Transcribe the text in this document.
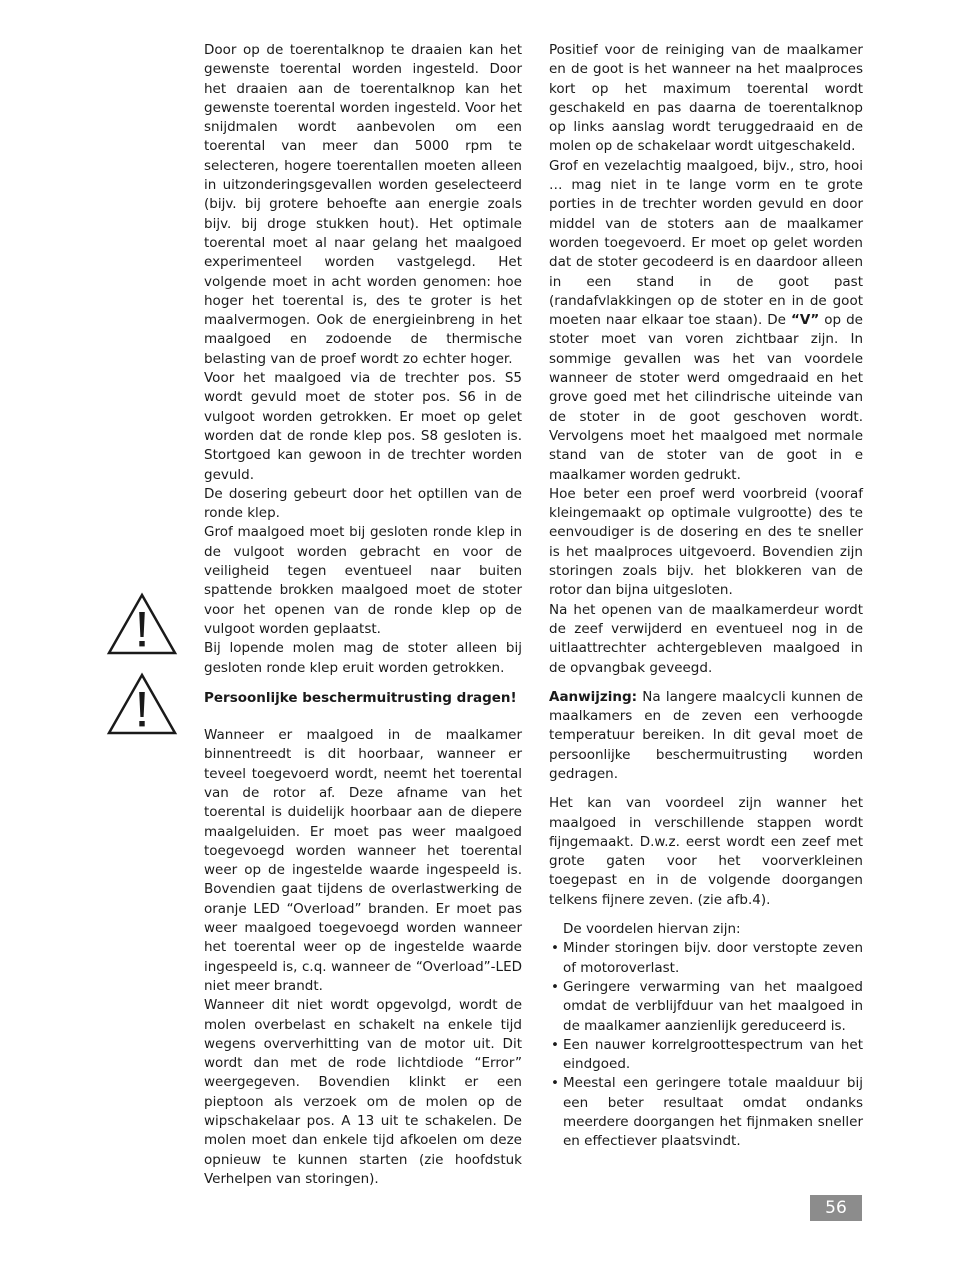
Door op de toerentalknop te draaien kan het gewenste toerental worden ingesteld. Door het draaien aan de toerentalknop kan het gewenste toerental worden ingesteld. Voor het snijdmalen wordt aanbevolen om een toerental van meer dan 5000 rpm te selecteren, hogere toerentallen moeten alleen in uitzonderingsgevallen worden geselecteerd (bijv. bij grotere behoefte aan energie zoals bijv. bij droge stukken hout). Het optimale toerental moet al naar gelang het maalgoed experimenteel worden vastgelegd. Het volgende moet in acht worden genomen: hoe hoger het toerental is, des te groter is het maalvermogen. Ook de energieinbreng in het maalgoed en zodoende de thermische belasting van de proef wordt zo echter hoger.

Voor het maalgoed via de trechter pos. S5 wordt gevuld moet de stoter pos. S6 in de vulgoot worden getrokken. Er moet op gelet worden dat de ronde klep pos. S8 gesloten is. Stortgoed kan gewoon in de trechter worden gevuld.

De dosering gebeurt door het optillen van de ronde klep.

Grof maalgoed moet bij gesloten ronde klep in de vulgoot worden gebracht en voor de veiligheid tegen eventueel naar buiten spattende brokken maalgoed moet de stoter voor het openen van de ronde klep op de vulgoot worden geplaatst.

Bij lopende molen mag de stoter alleen bij gesloten ronde klep eruit worden getrokken.

Persoonlijke beschermuitrusting dragen!

Wanneer er maalgoed in de maalkamer binnentreedt is dit hoorbaar, wanneer er teveel toegevoerd wordt, neemt het toerental van de rotor af. Deze afname van het toerental is duidelijk hoorbaar aan de diepere maalgeluiden. Er moet pas weer maalgoed toegevoegd worden wanneer het toerental weer op de ingestelde waarde ingespeeld is. Bovendien gaat tijdens de overlastwerking de oranje LED “Overload” branden. Er moet pas weer maalgoed toegevoegd worden wanneer het toerental weer op de ingestelde waarde ingespeeld is, c.q. wanneer de “Overload”-LED niet meer brandt.

Wanneer dit niet wordt opgevolgd, wordt de molen overbelast en schakelt na enkele tijd wegens oververhitting van de motor uit. Dit wordt dan met de rode lichtdiode “Error” weergegeven. Bovendien klinkt er een pieptoon als verzoek om de molen op de wipschakelaar pos. A 13 uit te schakelen. De molen moet dan enkele tijd afkoelen om deze opnieuw te kunnen starten (zie hoofdstuk Verhelpen van storingen).

Positief voor de reiniging van de maalkamer en de goot is het wanneer na het maalproces kort op het maximum toerental wordt geschakeld en pas daarna de toerentalknop op links aanslag wordt teruggedraaid en de molen op de schakelaar wordt uitgeschakeld.

Grof en vezelachtig maalgoed, bijv., stro, hooi … mag niet in te lange vorm en te grote porties in de trechter worden gevuld en door middel van de stoters aan de maalkamer worden toegevoerd. Er moet op gelet worden dat de stoter gecodeerd is en daardoor alleen in een stand in de goot past (randafvlakkingen op de stoter en in de goot moeten naar elkaar toe staan). De “V” op de stoter moet van voren zichtbaar zijn. In sommige gevallen was het van voordele wanneer de stoter werd omgedraaid en het grove goed met het cilindrische uiteinde van de stoter in de goot geschoven wordt. Vervolgens moet het maalgoed met normale stand van de stoter van de goot in e maalkamer worden gedrukt.

Hoe beter een proef werd voorbreid (vooraf kleingemaakt op optimale vulgrootte) des te eenvoudiger is de dosering en des te sneller is het maalproces uitgevoerd. Bovendien zijn storingen zoals bijv. het blokkeren van de rotor dan bijna uitgesloten.

Na het openen van de maalkamerdeur wordt de zeef verwijderd en eventueel nog in de uitlaattrechter achtergebleven maalgoed in de opvangbak geveegd.

Aanwijzing: Na langere maalcycli kunnen de maalkamers en de zeven een verhoogde temperatuur bereiken. In dit geval moet de persoonlijke beschermuitrusting worden gedragen.

Het kan van voordeel zijn wanner het maalgoed in verschillende stappen wordt fijngemaakt. D.w.z. eerst wordt een zeef met grote gaten voor het voorverkleinen toegepast en in de volgende doorgangen telkens fijnere zeven. (zie afb.4).

De voordelen hiervan zijn:

• Minder storingen bijv. door verstopte zeven of motoroverlast.
• Geringere verwarming van het maalgoed omdat de verblijfduur van het maalgoed in de maalkamer aanzienlijk gereduceerd is.
• Een nauwer korrelgroottespectrum van het eindgoed.
• Meestal een geringere totale maalduur bij een beter resultaat omdat ondanks meerdere doorgangen het fijnmaken sneller en effectiever plaatsvindt.
56
